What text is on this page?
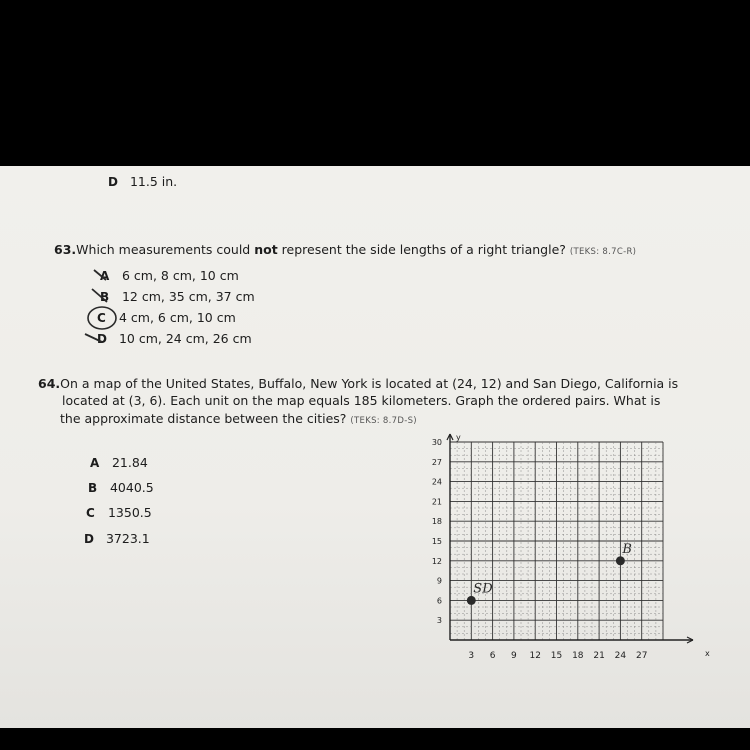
D 11.5 in.
63.Which measurements could not represent the side lengths of a right triangle? (TEKS: 8.7C-R)
A 6 cm, 8 cm, 10 cm
B 12 cm, 35 cm, 37 cm
C 4 cm, 6 cm, 10 cm
D 10 cm, 24 cm, 26 cm
64.On a map of the United States, Buffalo, New York is located at (24, 12) and San Diego, California is
located at (3, 6). Each unit on the map equals 185 kilometers. Graph the ordered pairs. What is
the approximate distance between the cities? (TEKS: 8.7D-S)
A 21.84
B 4040.5
C 1350.5
D 3723.1
3 6 9 12 15 18 21 24 27
3
6
9
12
15
18
21
24
27
30
x
y
SD
B
